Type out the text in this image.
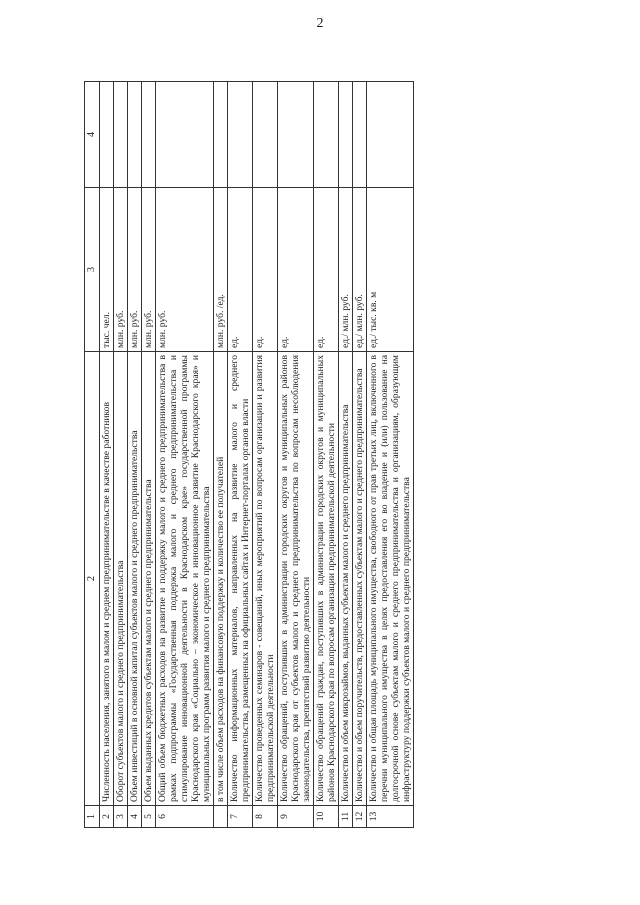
2
1	2	3	4
2	Численность населения, занятого в малом и среднем предпринимательстве в качестве работников	тыс. чел.	
3	Оборот субъектов малого и среднего предпринимательства	млн. руб.	
4	Объем инвестиций в основной капитал субъектов малого и среднего предпринимательства	млн. руб.	
5	Объем выданных кредитов субъектам малого и среднего предпринимательства	млн. руб.	
6	Общий объем бюджетных расходов на развитие и поддержку малого и среднего предпринимательства в рамках подпрограммы «Государственная поддержка малого и среднего предпринимательства и стимулирование инновационной деятельности в Краснодарском крае» государственной программы Краснодарского края «Социально – экономическое и инновационное развитие Краснодарского края» и муниципальных программ развития малого и среднего предпринимательства	млн. руб.	
	в том числе объем расходов на финансовую поддержку и количество ее получателей	млн. руб. /ед.	
7	Количество информационных материалов, направленных на развитие малого и среднего предпринимательства, размещенных на официальных сайтах и Интернет-порталах органов власти	ед.	
8	Количество проведенных семинаров - совещаний, иных мероприятий по вопросам организации и развития предпринимательской деятельности	ед.	
9	Количество обращений, поступивших в администрации городских округов и муниципальных районов Краснодарского края от субъектов малого и среднего предпринимательства по вопросам несоблюдения законодательства, препятствий развитию деятельности	ед.	
10	Количество обращений граждан, поступивших в администрации городских округов и муниципальных районов Краснодарского края по вопросам организации предпринимательской деятельности	ед.	
11	Количество и объем микрозаймов, выданных субъектам малого и среднего предпринимательства	ед./ млн. руб.	
12	Количество и объем поручительств, предоставленных субъектам малого и среднего предпринимательства	ед./ млн. руб.	
13	Количество и общая площадь муниципального имущества, свободного от прав третьих лиц, включенного в перечни муниципального имущества в целях предоставления его во владение и (или) пользование на долгосрочной основе субъектам малого и среднего предпринимательства и организациям, образующим инфраструктуру поддержки субъектов малого и среднего предпринимательства	ед./ тыс. кв. м	
